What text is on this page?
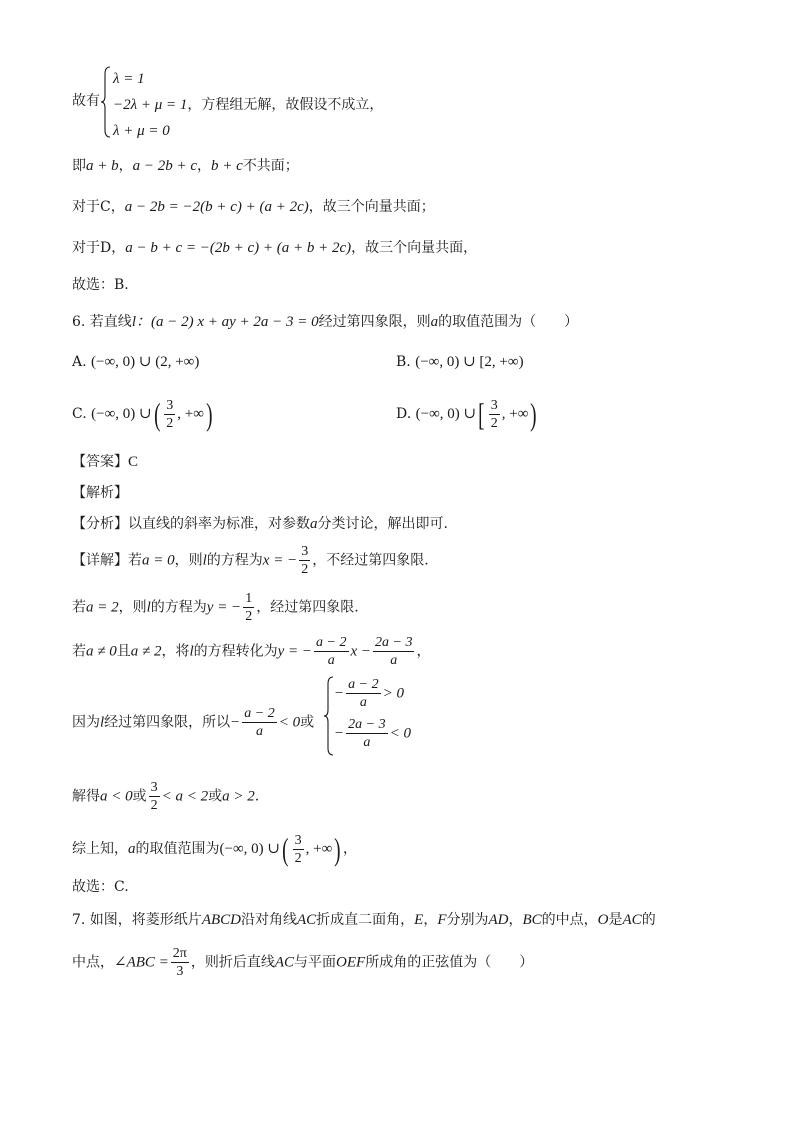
故有
λ = 1
−2λ + μ = 1，方程组无解，故假设不成立，
λ + μ = 0
即a + b，a − 2b + c，b + c不共面；
对于C，a − 2b = −2(b + c) + (a + 2c)，故三个向量共面；
对于D，a − b + c = −(2b + c) + (a + b + 2c)，故三个向量共面，
故选：B.
6. 若直线l：(a − 2) x + ay + 2a − 3 = 0经过第四象限，则a的取值范围为（　　）
A. (−∞, 0) ∪ (2, +∞)	B. (−∞, 0) ∪ [2, +∞)
C. (−∞, 0) ∪( $\frac{3}{2}$ , +∞)	D. (−∞, 0) ∪[ $\frac{3}{2}$ , +∞)
【答案】C
【解析】
【分析】以直线的斜率为标准，对参数a分类讨论，解出即可.
【详解】若a = 0，则l的方程为x = − $\frac{3}{2}$ ，不经过第四象限.
若a = 2，则l的方程为y = − $\frac{1}{2}$ ，经过第四象限.
若a ≠ 0且a ≠ 2，将l的方程转化为y = − $\frac{a - 2}{a}$ $x - \frac{2a - 3}{a}$ ，
因为l经过第四象限，所以− $\frac{a - 2}{a} < 0$或
− $\frac{a - 2}{a} > 0$
− $\frac{2a - 3}{a} < 0$
解得a < 0或 $\frac{3}{2} < a < 2$或a > 2.
综上知，a的取值范围为(−∞, 0) ∪( $\frac{3}{2}$ , +∞) ，
故选：C.
7. 如图，将菱形纸片ABCD沿对角线AC折成直二面角，E，F分别为AD，BC的中点，O是AC的
中点，∠ABC = $\frac{2\pi}{3}$ ，则折后直线AC与平面OEF所成角的正弦值为（　　）
